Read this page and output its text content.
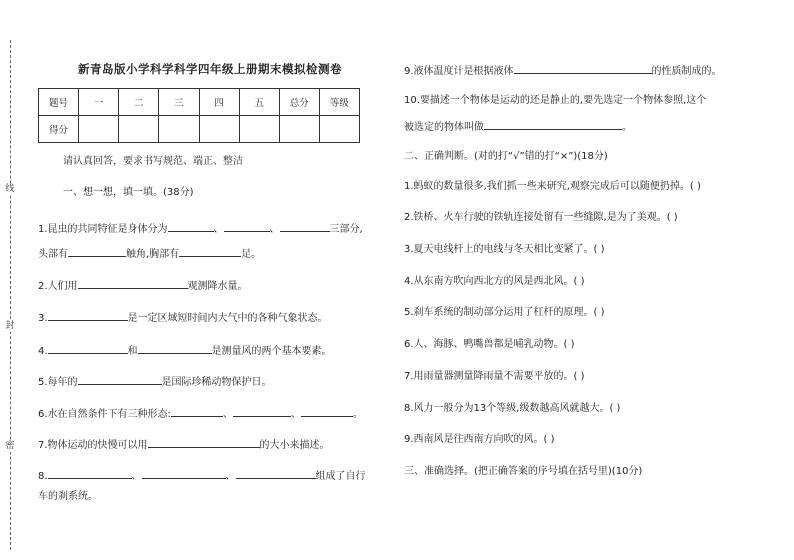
线
封
密
新青岛版小学科学科学四年级上册期末模拟检测卷
题号	一	二	三	四	五	总分	等级
得分							
请认真回答，要求书写规范、端正、整洁
一、想一想，填一填。(38分)
1.昆虫的共同特征是身体分为	、	、	三部分,
头部有	触角,胸部有	足。
2.人们用	观测降水量。
3.	是一定区域短时间内大气中的各种气象状态。
4.	和	是测量风的两个基本要素。
5.每年的	是国际珍稀动物保护日。
6.水在自然条件下有三种形态:	、	、	。
7.物体运动的快慢可以用	的大小来描述。
8.	、	、	组成了自行
车的刹系统。
9.液体温度计是根据液体	的性质制成的。
10.要描述一个物体是运动的还是静止的,要先选定一个物体参照,这个
被选定的物体叫做	。
二、正确判断。(对的打“√”错的打“×”)(18分)
1.蚂蚁的数量很多,我们抓一些来研究,观察完成后可以随便扔掉。( )
2.铁桥、火车行驶的铁轨连接处留有一些缝隙,是为了美观。( )
3.夏天电线杆上的电线与冬天相比变紧了。( )
4.从东南方吹向西北方的风是西北风。( )
5.刹车系统的制动部分运用了杠杆的原理。( )
6.人、海豚、鸭嘴兽都是哺乳动物。( )
7.用雨量器测量降雨量不需要平放的。( )
8.风力一般分为13个等级,级数越高风就越大。( )
9.西南风是往西南方向吹的风。( )
三、准确选择。(把正确答案的序号填在括号里)(10分)
